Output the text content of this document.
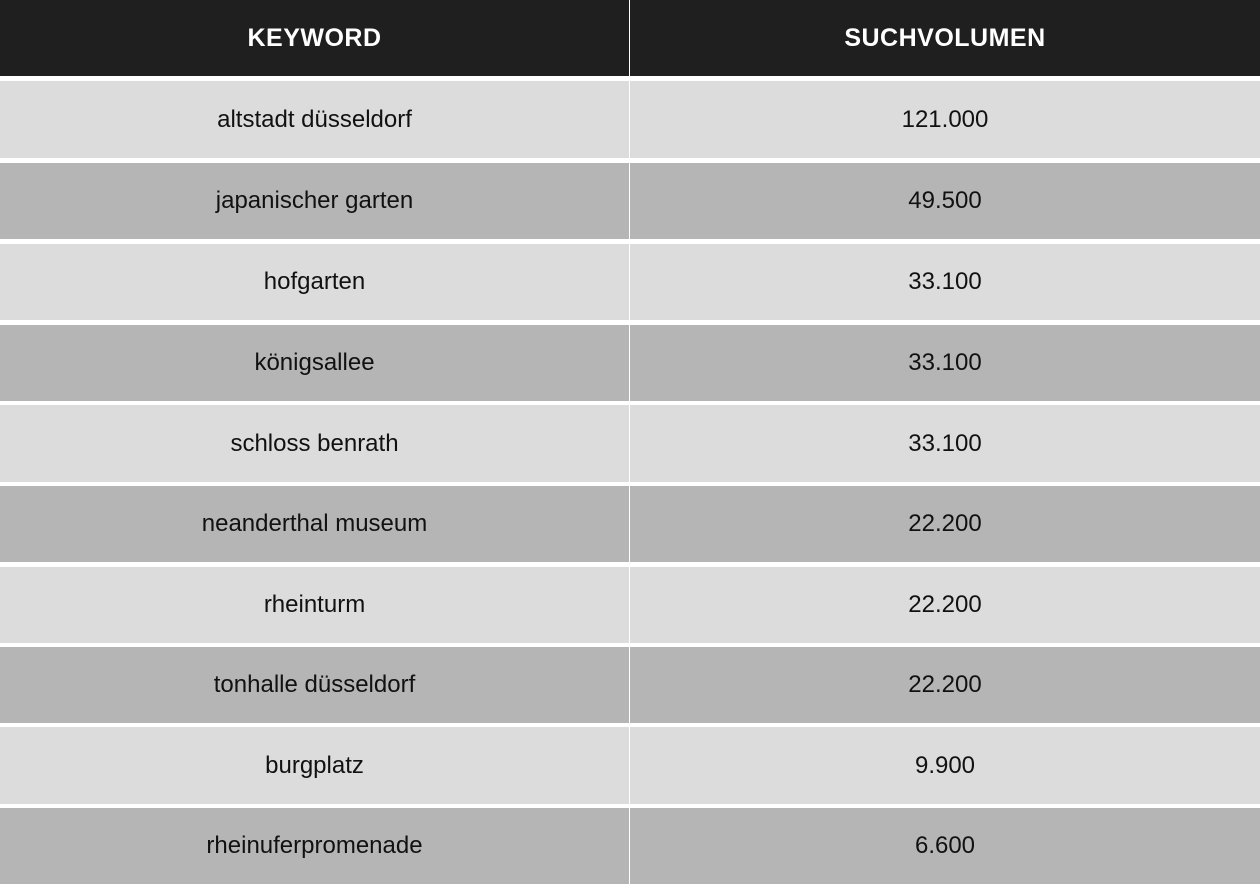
KEYWORD	SUCHVOLUMEN
altstadt düsseldorf	121.000
japanischer garten	49.500
hofgarten	33.100
königsallee	33.100
schloss benrath	33.100
neanderthal museum	22.200
rheinturm	22.200
tonhalle düsseldorf	22.200
burgplatz	9.900
rheinuferpromenade	6.600
